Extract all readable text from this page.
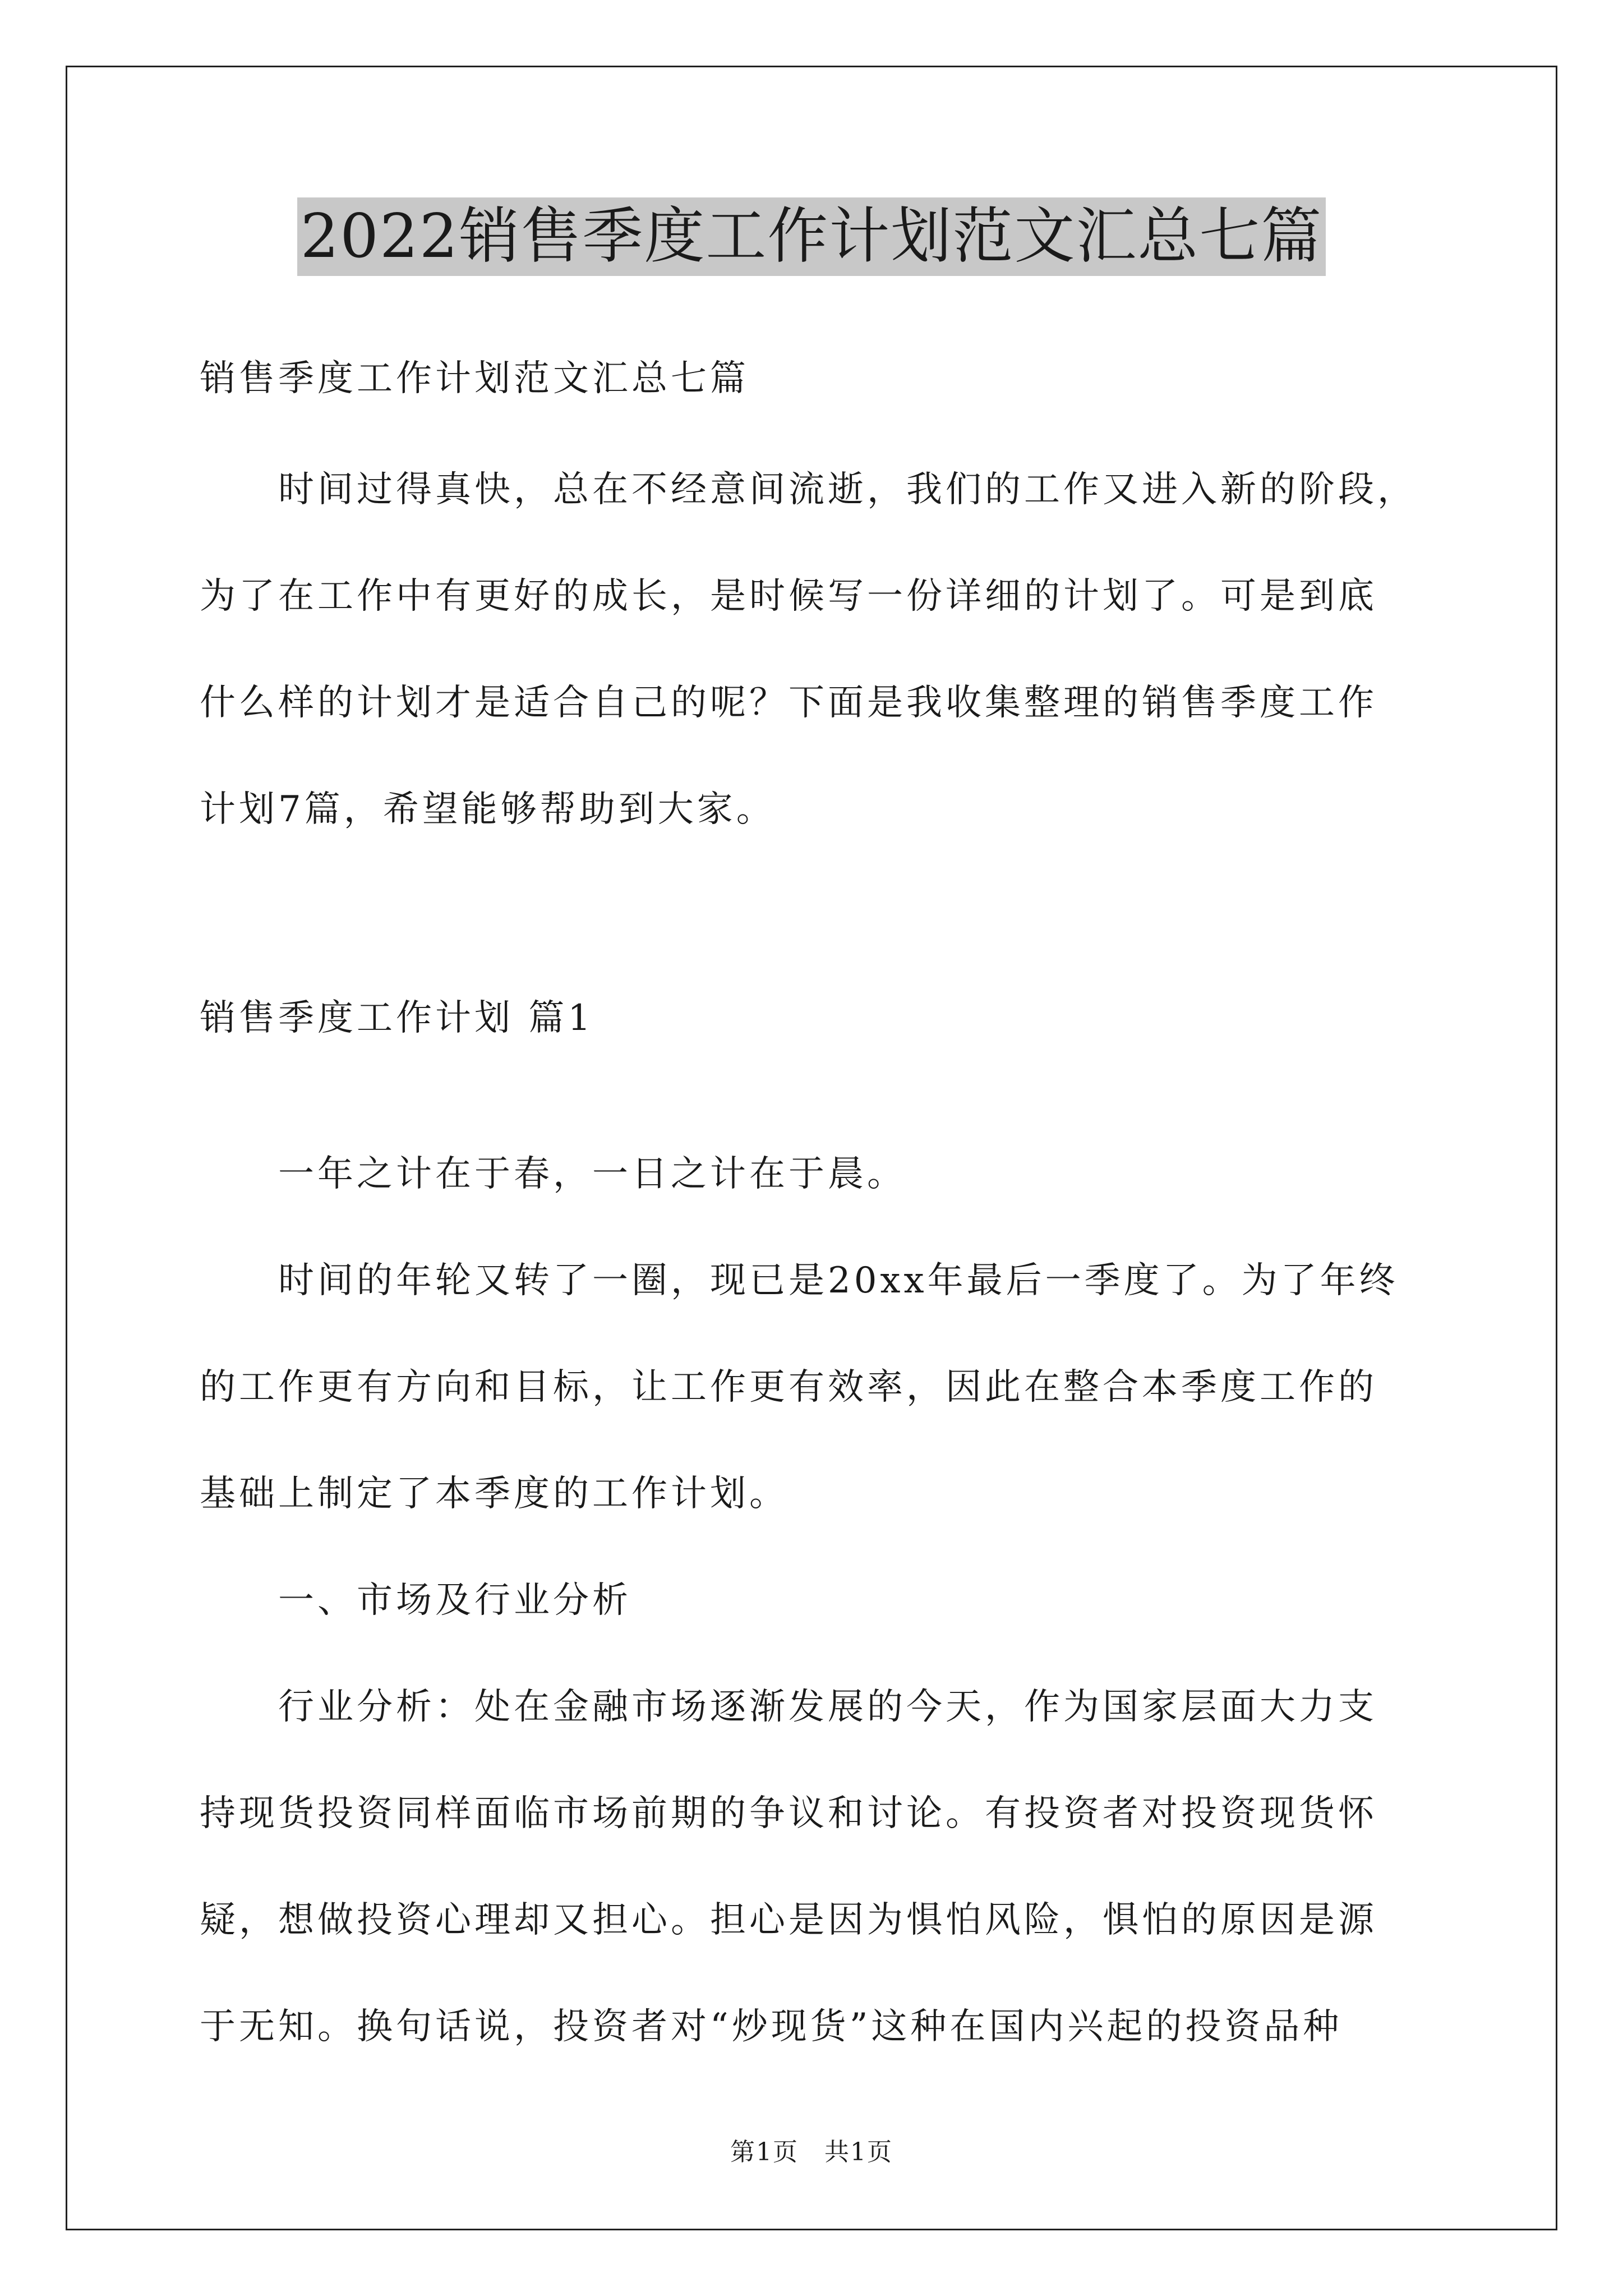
2022销售季度工作计划范文汇总七篇

销售季度工作计划范文汇总七篇

　　时间过得真快，总在不经意间流逝，我们的工作又进入新的阶段，
为了在工作中有更好的成长，是时候写一份详细的计划了。可是到底
什么样的计划才是适合自己的呢？下面是我收集整理的销售季度工作
计划7篇，希望能够帮助到大家。

销售季度工作计划 篇1

　　一年之计在于春，一日之计在于晨。
　　时间的年轮又转了一圈，现已是20xx年最后一季度了。为了年终
的工作更有方向和目标，让工作更有效率，因此在整合本季度工作的
基础上制定了本季度的工作计划。
　　一、市场及行业分析
　　行业分析：处在金融市场逐渐发展的今天，作为国家层面大力支
持现货投资同样面临市场前期的争议和讨论。有投资者对投资现货怀
疑，想做投资心理却又担心。担心是因为惧怕风险，惧怕的原因是源
于无知。换句话说，投资者对“炒现货”这种在国内兴起的投资品种
第1页　共1页
